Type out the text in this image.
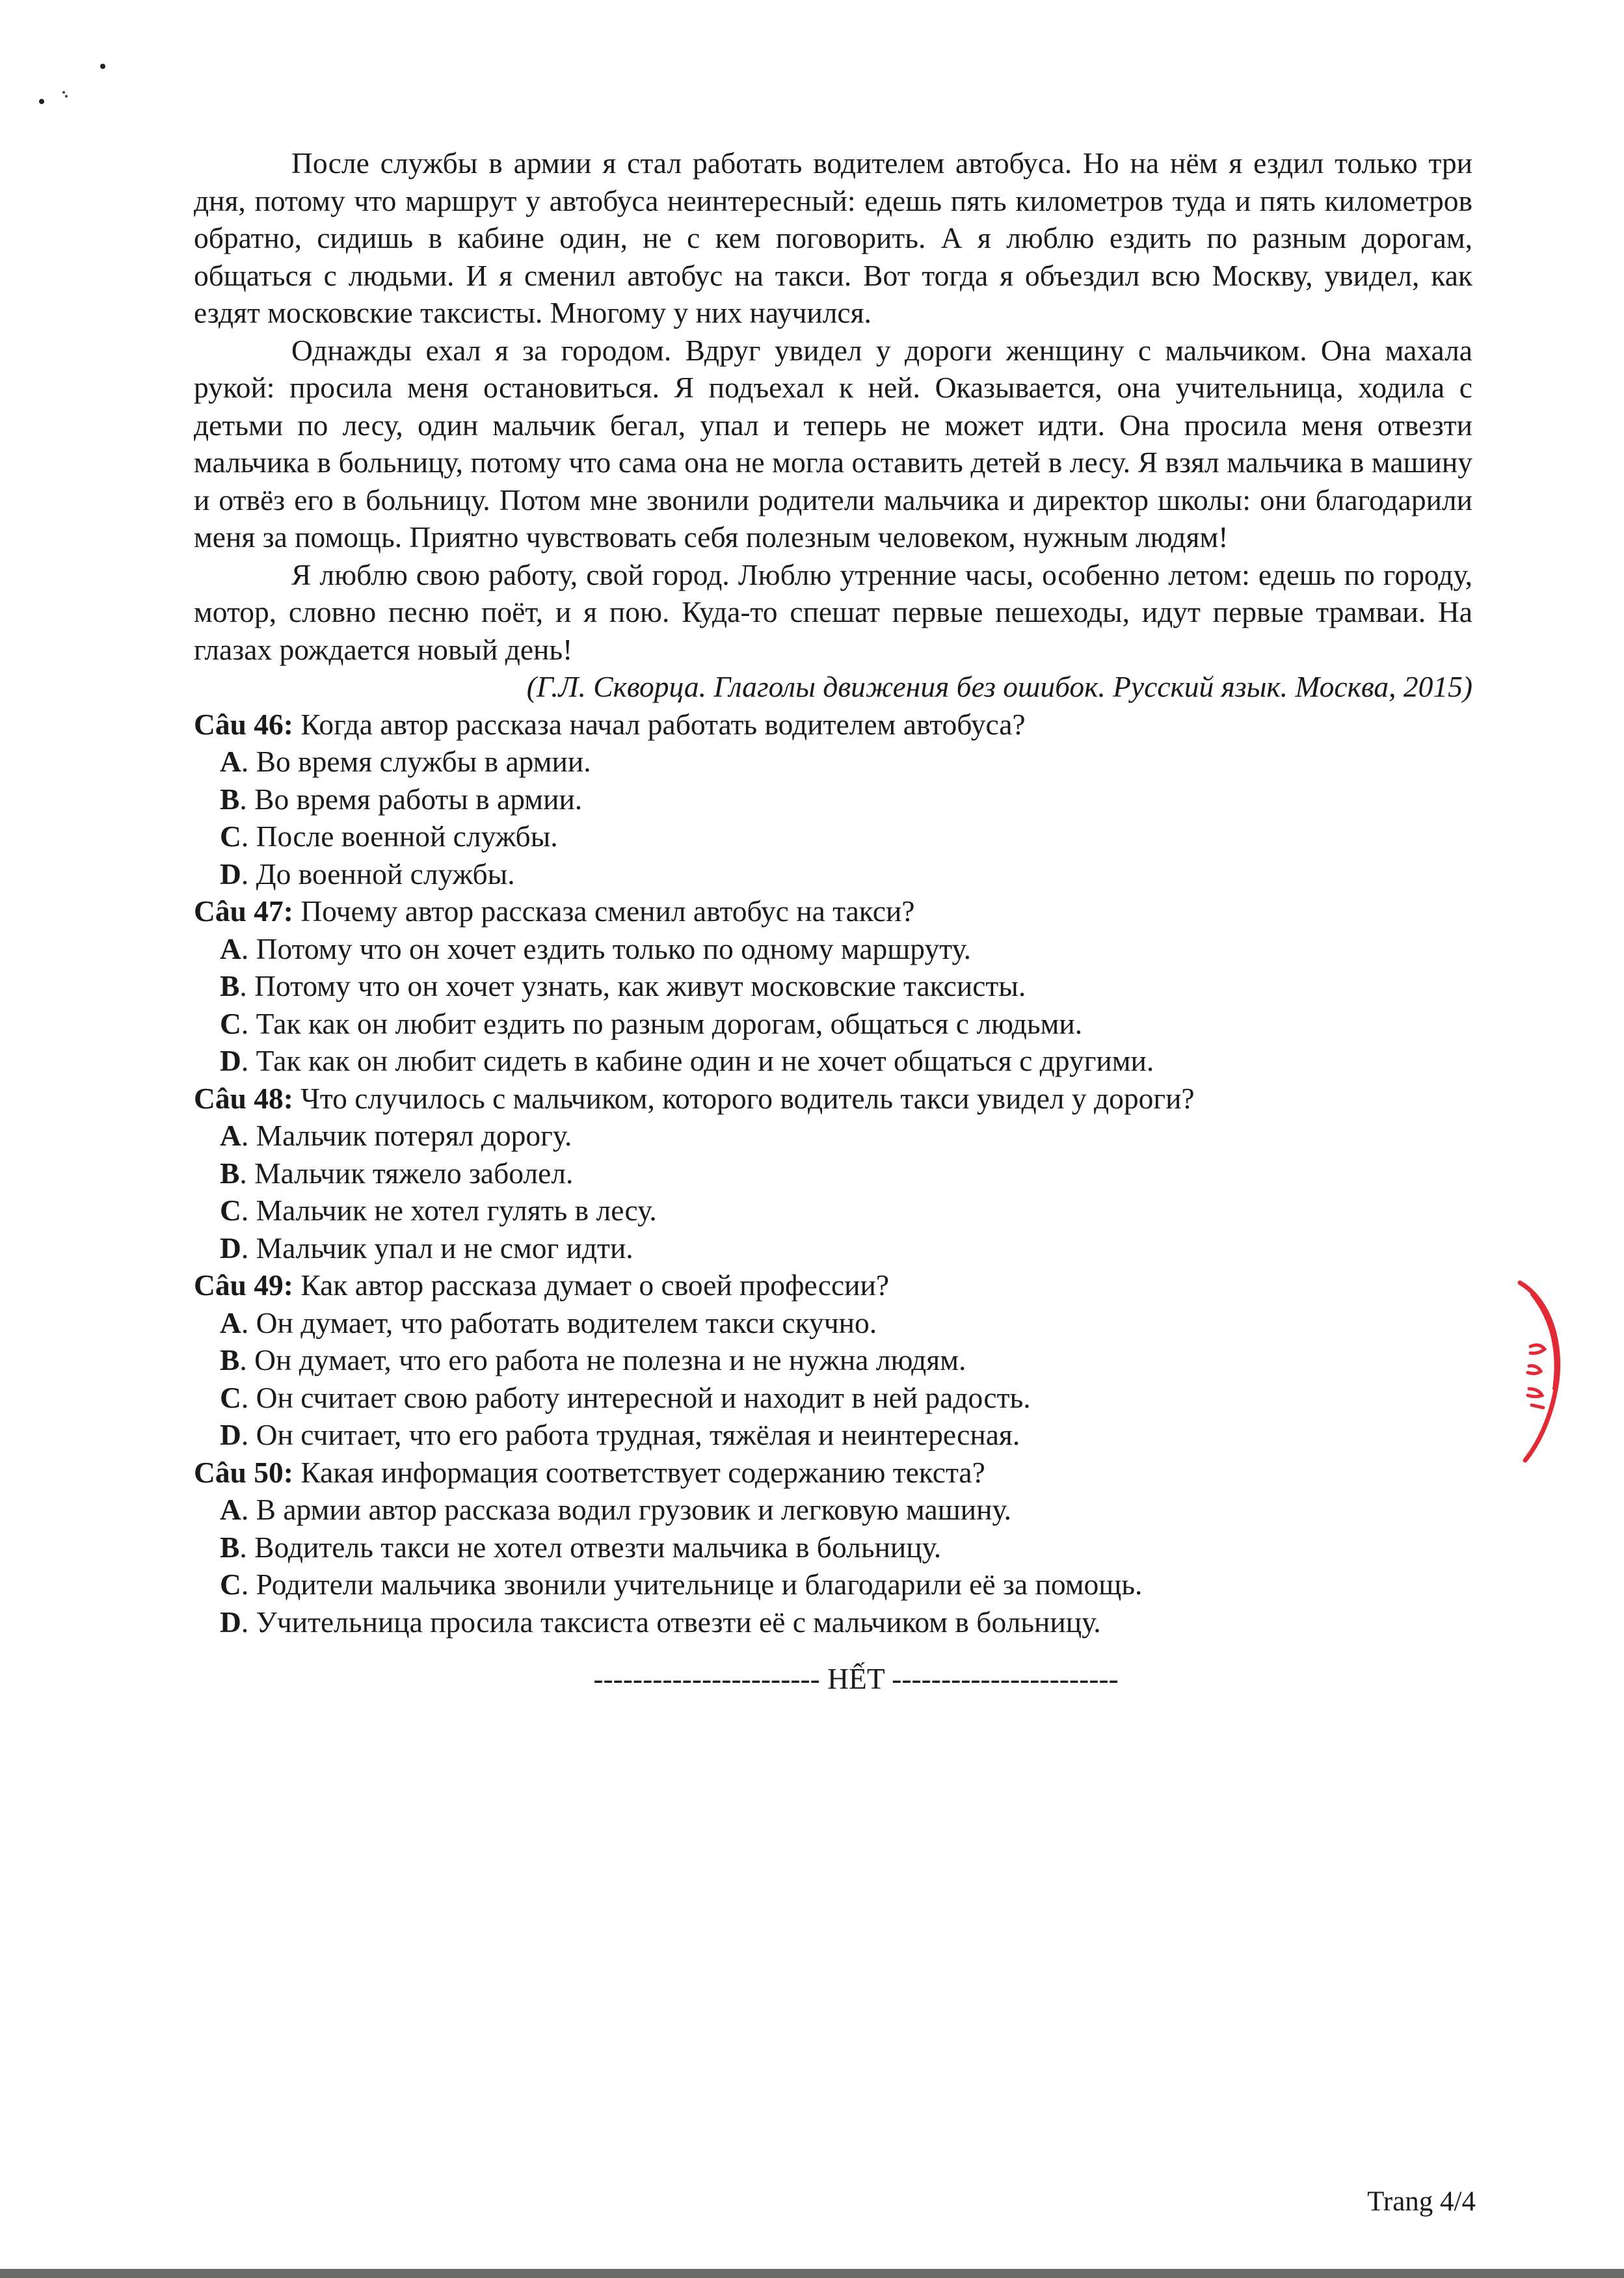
После службы в армии я стал работать водителем автобуса. Но на нём я ездил только три дня, потому что маршрут у автобуса неинтересный: едешь пять километров туда и пять километров обратно, сидишь в кабине один, не с кем поговорить. А я люблю ездить по разным дорогам, общаться с людьми. И я сменил автобус на такси. Вот тогда я объездил всю Москву, увидел, как ездят московские таксисты. Многому у них научился.

Однажды ехал я за городом. Вдруг увидел у дороги женщину с мальчиком. Она махала рукой: просила меня остановиться. Я подъехал к ней. Оказывается, она учительница, ходила с детьми по лесу, один мальчик бегал, упал и теперь не может идти. Она просила меня отвезти мальчика в больницу, потому что сама она не могла оставить детей в лесу. Я взял мальчика в машину и отвёз его в больницу. Потом мне звонили родители мальчика и директор школы: они благодарили меня за помощь. Приятно чувствовать себя полезным человеком, нужным людям!

Я люблю свою работу, свой город. Люблю утренние часы, особенно летом: едешь по городу, мотор, словно песню поёт, и я пою. Куда-то спешат первые пешеходы, идут первые трамваи. На глазах рождается новый день!

(Г.Л. Скворца. Глаголы движения без ошибок. Русский язык. Москва, 2015)

Câu 46: Когда автор рассказа начал работать водителем автобуса?

A. Во время службы в армии.

B. Во время работы в армии.

C. После военной службы.

D. До военной службы.

Câu 47: Почему автор рассказа сменил автобус на такси?

A. Потому что он хочет ездить только по одному маршруту.

B. Потому что он хочет узнать, как живут московские таксисты.

C. Так как он любит ездить по разным дорогам, общаться с людьми.

D. Так как он любит сидеть в кабине один и не хочет общаться с другими.

Câu 48: Что случилось с мальчиком, которого водитель такси увидел у дороги?

A. Мальчик потерял дорогу.

B. Мальчик тяжело заболел.

C. Мальчик не хотел гулять в лесу.

D. Мальчик упал и не смог идти.

Câu 49: Как автор рассказа думает о своей профессии?

A. Он думает, что работать водителем такси скучно.

B. Он думает, что его работа не полезна и не нужна людям.

C. Он считает свою работу интересной и находит в ней радость.

D. Он считает, что его работа трудная, тяжёлая и неинтересная.

Câu 50: Какая информация соответствует содержанию текста?

A. В армии автор рассказа водил грузовик и легковую машину.

B. Водитель такси не хотел отвезти мальчика в больницу.

C. Родители мальчика звонили учительнице и благодарили её за помощь.

D. Учительница просила таксиста отвезти её с мальчиком в больницу.

----------------------- HẾT -----------------------

Trang 4/4
